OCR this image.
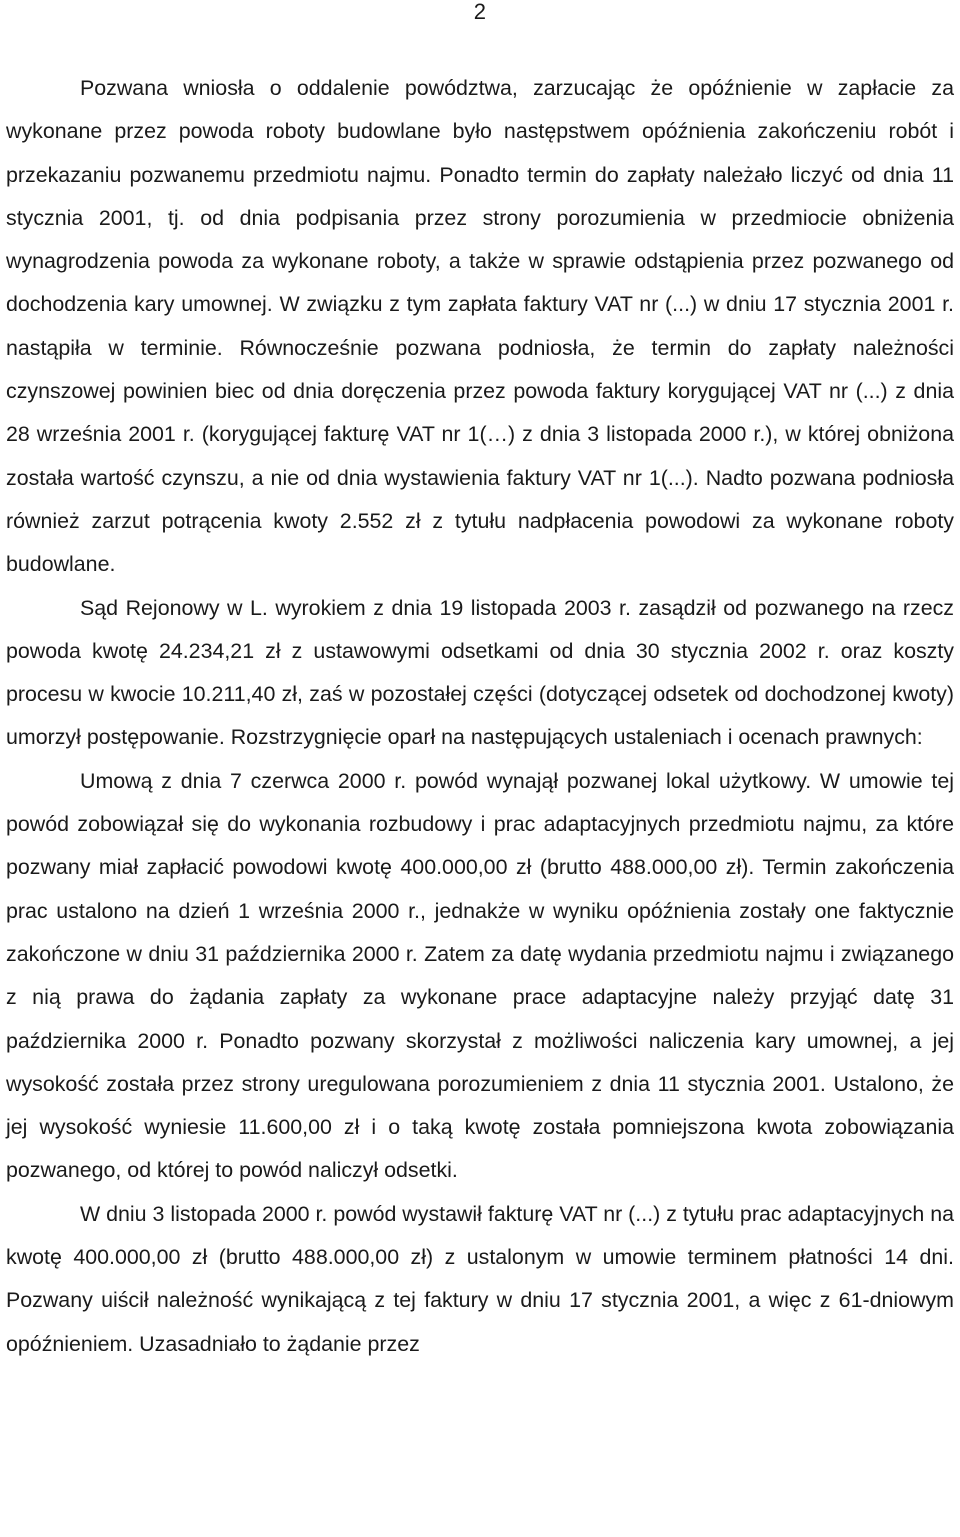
2

Pozwana wniosła o oddalenie powództwa, zarzucając że opóźnienie w zapłacie za wykonane przez powoda roboty budowlane było następstwem opóźnienia zakończeniu robót i przekazaniu pozwanemu przedmiotu najmu. Ponadto termin do zapłaty należało liczyć od dnia 11 stycznia 2001, tj. od dnia podpisania przez strony porozumienia w przedmiocie obniżenia wynagrodzenia powoda za wykonane roboty, a także w sprawie odstąpienia przez pozwanego od dochodzenia kary umownej. W związku z tym zapłata faktury VAT nr (...) w dniu 17 stycznia 2001 r. nastąpiła w terminie. Równocześnie pozwana podniosła, że termin do zapłaty należności czynszowej powinien biec od dnia doręczenia przez powoda faktury korygującej VAT nr (...) z dnia 28 września 2001 r. (korygującej fakturę VAT nr 1(…) z dnia 3 listopada 2000 r.), w której obniżona została wartość czynszu, a nie od dnia wystawienia faktury VAT nr 1(...). Nadto pozwana podniosła również zarzut potrącenia kwoty 2.552 zł z tytułu nadpłacenia powodowi za wykonane roboty budowlane.

Sąd Rejonowy w L. wyrokiem z dnia 19 listopada 2003 r. zasądził od pozwanego na rzecz powoda kwotę 24.234,21 zł z ustawowymi odsetkami od dnia 30 stycznia 2002 r. oraz koszty procesu w kwocie 10.211,40 zł, zaś w pozostałej części (dotyczącej odsetek od dochodzonej kwoty) umorzył postępowanie. Rozstrzygnięcie oparł na następujących ustaleniach i ocenach prawnych:

Umową z dnia 7 czerwca 2000 r. powód wynajął pozwanej lokal użytkowy. W umowie tej powód zobowiązał się do wykonania rozbudowy i prac adaptacyjnych przedmiotu najmu, za które pozwany miał zapłacić powodowi kwotę 400.000,00 zł (brutto 488.000,00 zł). Termin zakończenia prac ustalono na dzień 1 września 2000 r., jednakże w wyniku opóźnienia zostały one faktycznie zakończone w dniu 31 października 2000 r. Zatem za datę wydania przedmiotu najmu i związanego z nią prawa do żądania zapłaty za wykonane prace adaptacyjne należy przyjąć datę 31 października 2000 r. Ponadto pozwany skorzystał z możliwości naliczenia kary umownej, a jej wysokość została przez strony uregulowana porozumieniem z dnia 11 stycznia 2001. Ustalono, że jej wysokość wyniesie 11.600,00 zł i o taką kwotę została pomniejszona kwota zobowiązania pozwanego, od której to powód naliczył odsetki.

W dniu 3 listopada 2000 r. powód wystawił fakturę VAT nr (...) z tytułu prac adaptacyjnych na kwotę 400.000,00 zł (brutto 488.000,00 zł) z ustalonym w umowie terminem płatności 14 dni. Pozwany uiścił należność wynikającą z tej faktury w dniu 17 stycznia 2001, a więc z 61-dniowym opóźnieniem. Uzasadniało to żądanie przez
